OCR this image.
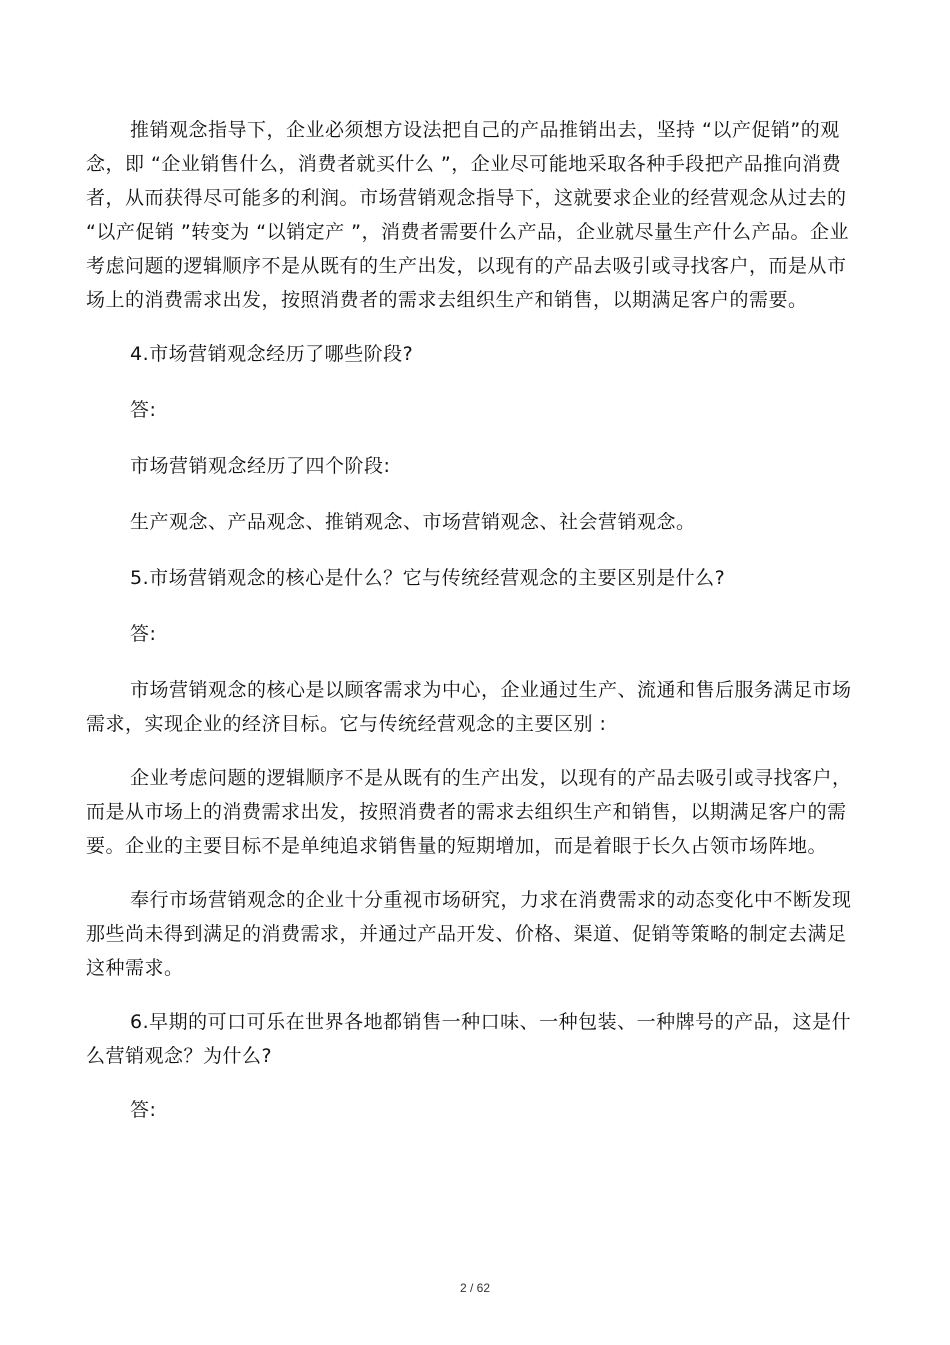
推销观念指导下，企业必须想方设法把自己的产品推销出去，坚持 “以产促销”的观念，即 “企业销售什么，消费者就买什么 ”，企业尽可能地采取各种手段把产品推向消费者，从而获得尽可能多的利润。市场营销观念指导下，这就要求企业的经营观念从过去的 “以产促销 ”转变为 “以销定产 ”，消费者需要什么产品，企业就尽量生产什么产品。企业考虑问题的逻辑顺序不是从既有的生产出发，以现有的产品去吸引或寻找客户，而是从市场上的消费需求出发，按照消费者的需求去组织生产和销售，以期满足客户的需要。

4.市场营销观念经历了哪些阶段?

答:

市场营销观念经历了四个阶段:

生产观念、产品观念、推销观念、市场营销观念、社会营销观念。

5.市场营销观念的核心是什么？它与传统经营观念的主要区别是什么?

答:

市场营销观念的核心是以顾客需求为中心，企业通过生产、流通和售后服务满足市场需求，实现企业的经济目标。它与传统经营观念的主要区别 :

企业考虑问题的逻辑顺序不是从既有的生产出发，以现有的产品去吸引或寻找客户，而是从市场上的消费需求出发，按照消费者的需求去组织生产和销售，以期满足客户的需要。企业的主要目标不是单纯追求销售量的短期增加，而是着眼于长久占领市场阵地。

奉行市场营销观念的企业十分重视市场研究，力求在消费需求的动态变化中不断发现那些尚未得到满足的消费需求，并通过产品开发、价格、渠道、促销等策略的制定去满足这种需求。

6.早期的可口可乐在世界各地都销售一种口味、一种包装、一种牌号的产品，这是什么营销观念？为什么?

答:

2 / 62
